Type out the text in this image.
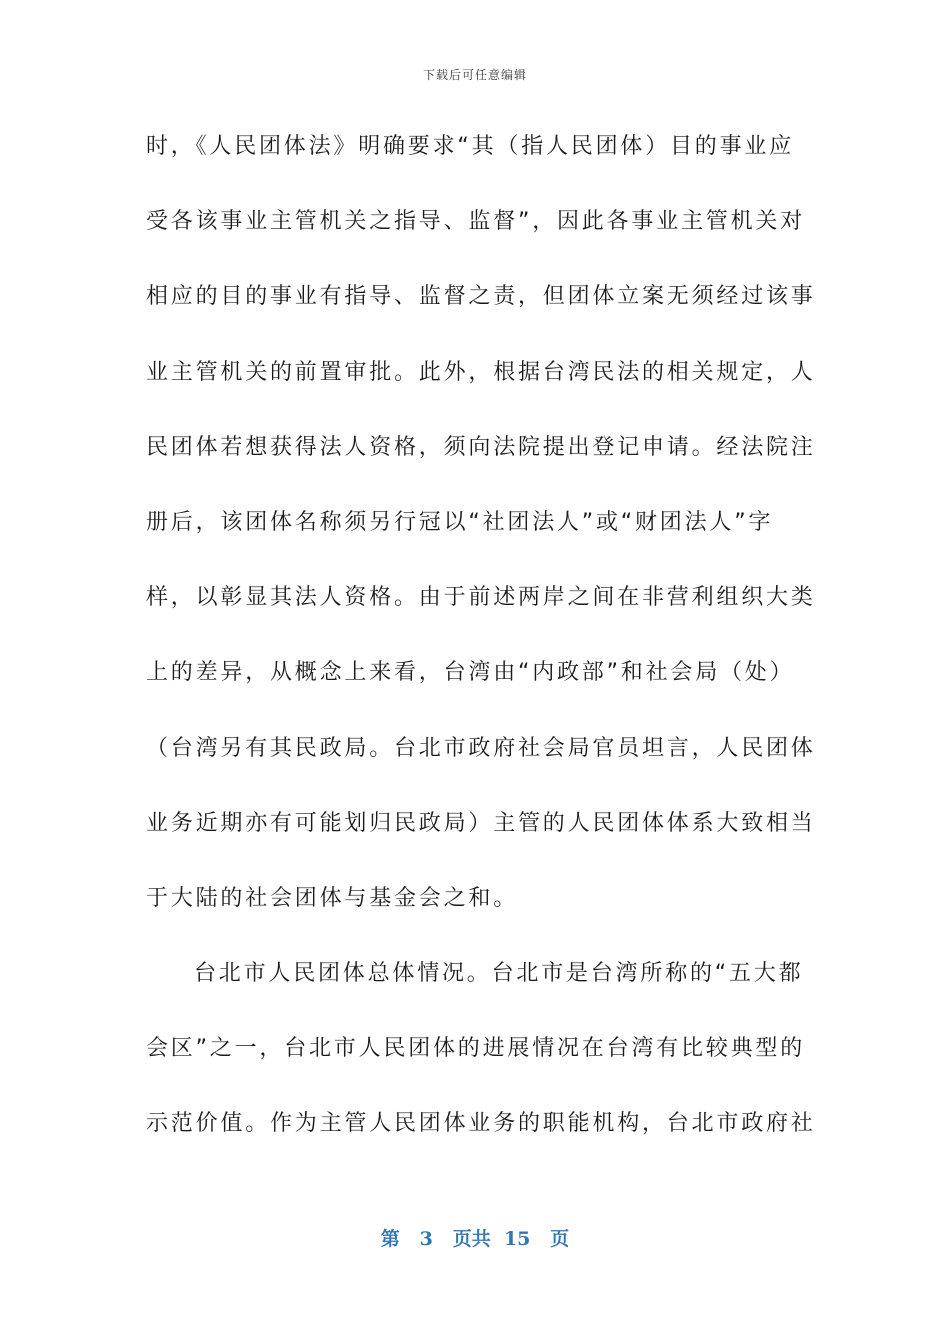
下载后可任意编辑
时，《人民团体法》明确要求“其（指人民团体）目的事业应
受各该事业主管机关之指导、监督”，因此各事业主管机关对
相应的目的事业有指导、监督之责，但团体立案无须经过该事
业主管机关的前置审批。此外，根据台湾民法的相关规定，人
民团体若想获得法人资格，须向法院提出登记申请。经法院注
册后，该团体名称须另行冠以“社团法人”或“财团法人”字
样，以彰显其法人资格。由于前述两岸之间在非营利组织大类
上的差异，从概念上来看，台湾由“内政部”和社会局（处）
（台湾另有其民政局。台北市政府社会局官员坦言，人民团体
业务近期亦有可能划归民政局）主管的人民团体体系大致相当
于大陆的社会团体与基金会之和。
台北市人民团体总体情况。台北市是台湾所称的“五大都
会区”之一，台北市人民团体的进展情况在台湾有比较典型的
示范价值。作为主管人民团体业务的职能机构，台北市政府社
第 3 页共 15 页
